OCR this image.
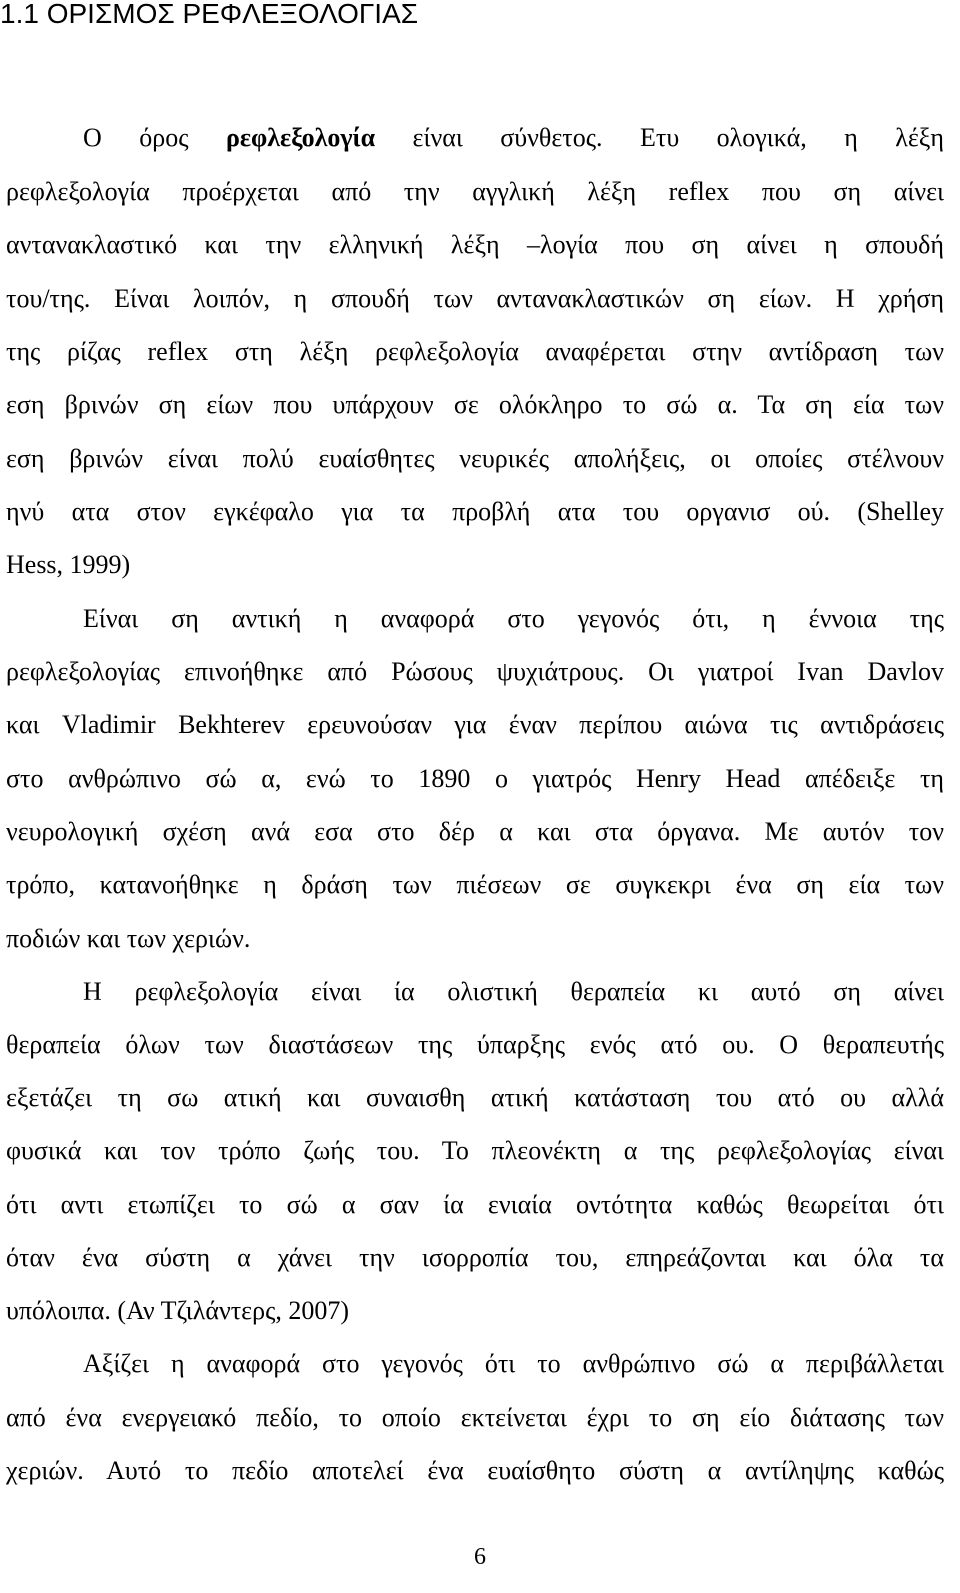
1.1 ΟΡΙΣΜΟΣ ΡΕΦΛΕΞΟΛΟΓΙΑΣ
Ο όρος ρεφλεξολογία είναι σύνθετος. Ετυ ολογικά, η λέξη
ρεφλεξολογία προέρχεται από την αγγλική λέξη reflex που ση αίνει
αντανακλαστικό και την ελληνική λέξη –λογία που ση αίνει η σπουδή
του/της. Είναι λοιπόν, η σπουδή των αντανακλαστικών ση είων. Η χρήση
της ρίζας reflex στη λέξη ρεφλεξολογία αναφέρεται στην αντίδραση των
εση βρινών ση είων που υπάρχουν σε ολόκληρο το σώ α. Τα ση εία των
εση βρινών είναι πολύ ευαίσθητες νευρικές απολήξεις, οι οποίες στέλνουν
ηνύ ατα στον εγκέφαλο για τα προβλή ατα του οργανισ ού. (Shelley
Hess, 1999)
Είναι ση αντική η αναφορά στο γεγονός ότι, η έννοια της
ρεφλεξολογίας επινοήθηκε από Ρώσους ψυχιάτρους. Οι γιατροί Ivan Davlov
και Vladimir Bekhterev ερευνούσαν για έναν περίπου αιώνα τις αντιδράσεις
στο ανθρώπινο σώ α, ενώ το 1890 ο γιατρός Henry Head απέδειξε τη
νευρολογική σχέση ανά εσα στο δέρ α και στα όργανα. Με αυτόν τον
τρόπο, κατανοήθηκε η δράση των πιέσεων σε συγκεκρι ένα ση εία των
ποδιών και των χεριών.
Η ρεφλεξολογία είναι ία ολιστική θεραπεία κι αυτό ση αίνει
θεραπεία όλων των διαστάσεων της ύπαρξης ενός ατό ου. Ο θεραπευτής
εξετάζει τη σω ατική και συναισθη ατική κατάσταση του ατό ου αλλά
φυσικά και τον τρόπο ζωής του. Το πλεονέκτη α της ρεφλεξολογίας είναι
ότι αντι ετωπίζει το σώ α σαν ία ενιαία οντότητα καθώς θεωρείται ότι
όταν ένα σύστη α χάνει την ισορροπία του, επηρεάζονται και όλα τα
υπόλοιπα. (Αν Τζιλάντερς, 2007)
Αξίζει η αναφορά στο γεγονός ότι το ανθρώπινο σώ α περιβάλλεται
από ένα ενεργειακό πεδίο, το οποίο εκτείνεται έχρι το ση είο διάτασης των
χεριών. Αυτό το πεδίο αποτελεί ένα ευαίσθητο σύστη α αντίληψης καθώς
6
